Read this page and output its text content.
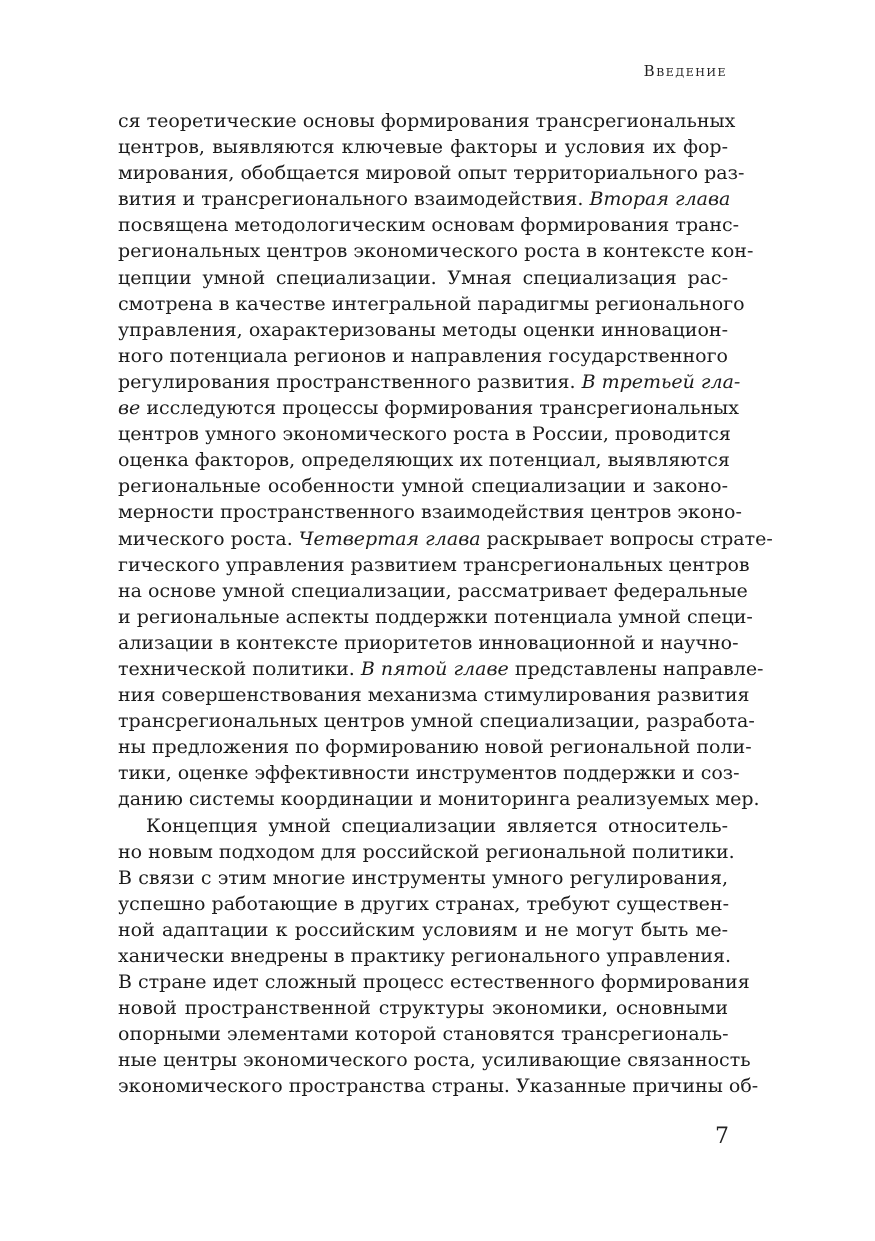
Введение
ся теоретические основы формирования трансрегиональных
центров, выявляются ключевые факторы и условия их фор-
мирования, обобщается мировой опыт территориального раз-
вития и трансрегионального взаимодействия. Вторая глава
посвящена методологическим основам формирования транс-
региональных центров экономического роста в контексте кон-
цепции умной специализации. Умная специализация рас-
смотрена в качестве интегральной парадигмы регионального
управления, охарактеризованы методы оценки инновацион-
ного потенциала регионов и направления государственного
регулирования пространственного развития. В третьей гла-
ве исследуются процессы формирования трансрегиональных
центров умного экономического роста в России, проводится
оценка факторов, определяющих их потенциал, выявляются
региональные особенности умной специализации и законо-
мерности пространственного взаимодействия центров эконо-
мического роста. Четвертая глава раскрывает вопросы страте-
гического управления развитием трансрегиональных центров
на основе умной специализации, рассматривает федеральные
и региональные аспекты поддержки потенциала умной специ-
ализации в контексте приоритетов инновационной и научно-
технической политики. В пятой главе представлены направле-
ния совершенствования механизма стимулирования развития
трансрегиональных центров умной специализации, разработа-
ны предложения по формированию новой региональной поли-
тики, оценке эффективности инструментов поддержки и соз-
данию системы координации и мониторинга реализуемых мер.
Концепция умной специализации является относитель-
но новым подходом для российской региональной политики.
В связи с этим многие инструменты умного регулирования,
успешно работающие в других странах, требуют существен-
ной адаптации к российским условиям и не могут быть ме-
ханически внедрены в практику регионального управления.
В стране идет сложный процесс естественного формирования
новой пространственной структуры экономики, основными
опорными элементами которой становятся трансрегиональ-
ные центры экономического роста, усиливающие связанность
экономического пространства страны. Указанные причины об-
7
